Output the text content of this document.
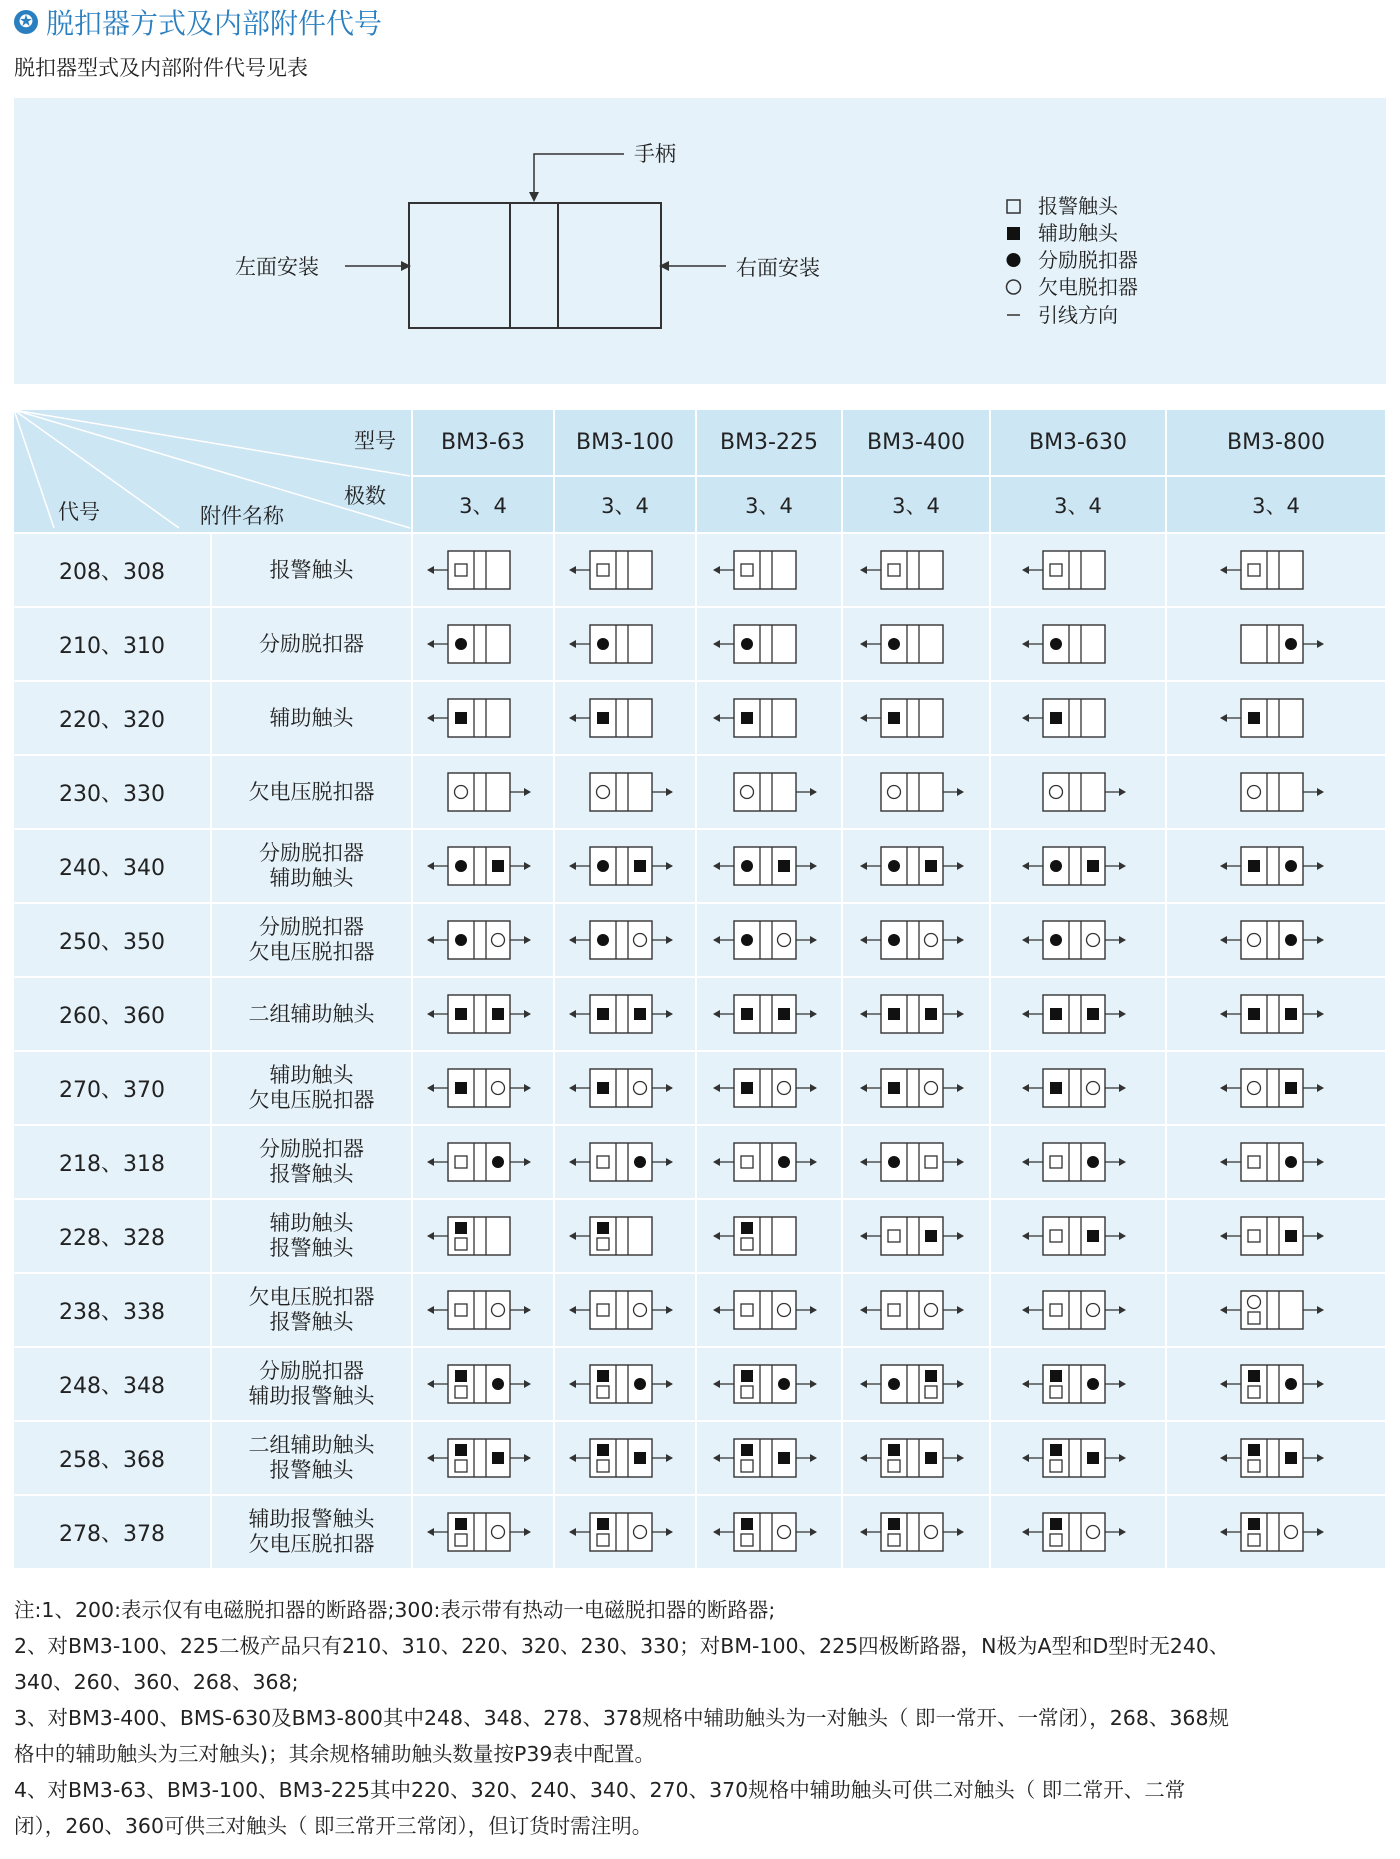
✪ 脱扣器方式及内部附件代号
脱扣器型式及内部附件代号见表
手柄
左面安装	右面安装
报警触头
辅助触头
分励脱扣器
欠电脱扣器
引线方向
型号
极数
代号 附件名称		BM3-63	BM3-100	BM3-225	BM3-400	BM3-630	BM3-800
		3、4	3、4	3、4	3、4	3、4	3、4
208、308	报警触头

210、310	分励脱扣器

220、320	辅助触头

230、330	欠电压脱扣器

240、340	分励脱扣器
辅助触头

250、350	分励脱扣器
欠电压脱扣器

260、360	二组辅助触头

270、370	辅助触头
欠电压脱扣器

218、318	分励脱扣器
报警触头

228、328	辅助触头
报警触头

238、338	欠电压脱扣器
报警触头

248、348	分励脱扣器
辅助报警触头

258、368	二组辅助触头
报警触头

278、378	辅助报警触头
欠电压脱扣器

注:1、200:表示仅有电磁脱扣器的断路器;300:表示带有热动一电磁脱扣器的断路器;
2、对BM3-100、225二极产品只有210、310、220、320、230、330；对BM-100、225四极断路器，N极为A型和D型时无240、
340、260、360、268、368;
3、对BM3-400、BMS-630及BM3-800其中248、348、278、378规格中辅助触头为一对触头（ 即一常开、一常闭），268、368规
格中的辅助触头为三对触头)；其余规格辅助触头数量按P39表中配置。
4、对BM3-63、BM3-100、BM3-225其中220、320、240、340、270、370规格中辅助触头可供二对触头（ 即二常开、二常
闭），260、360可供三对触头（ 即三常开三常闭），但订货时需注明。
